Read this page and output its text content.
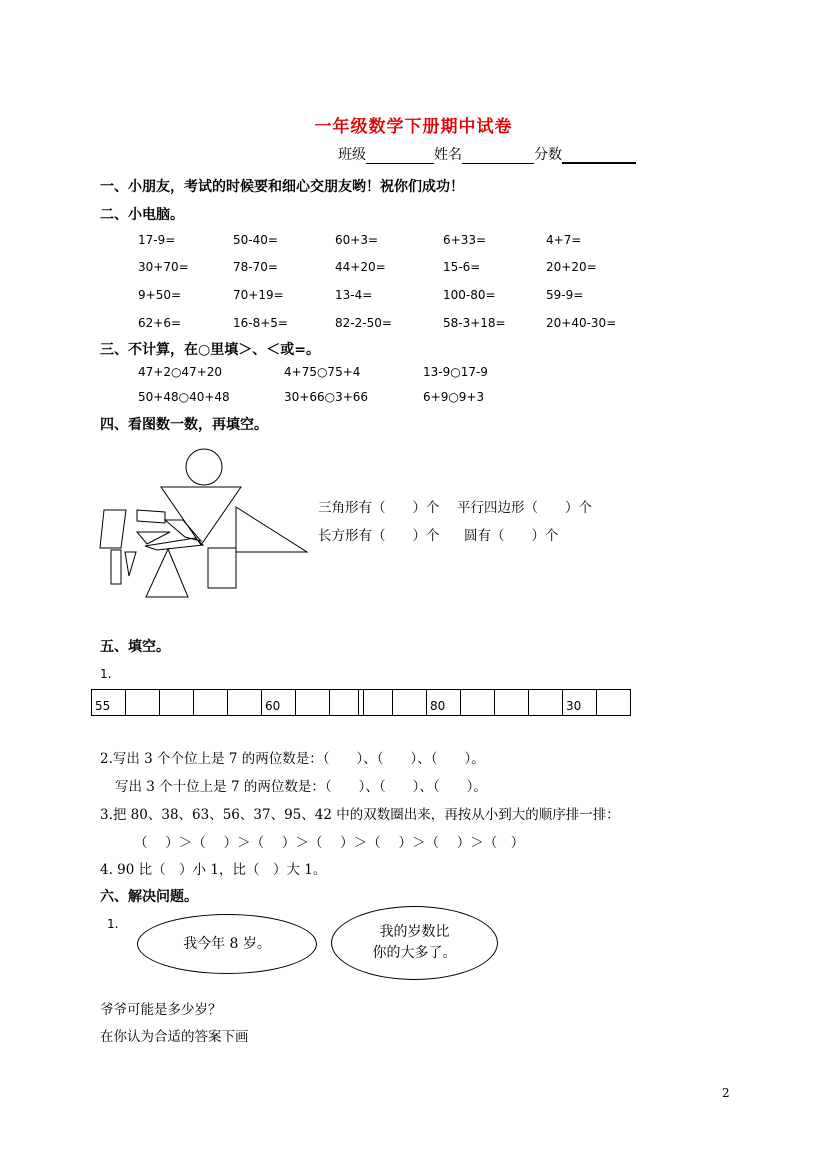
一年级数学下册期中试卷
班级	姓名	分数
一、小朋友，考试的时候要和细心交朋友哟！祝你们成功！
二、小电脑。
17-9=	50-40=	60+3=	6+33=	4+7=
30+70=	78-70=	44+20=	15-6=	20+20=
9+50=	70+19=	13-4=	100-80=	59-9=
62+6=	16-8+5=	82-2-50=	58-3+18=	20+40-30=
三、不计算，在○里填＞、＜或=。
47+2○47+20	4+75○75+4	13-9○17-9
50+48○40+48	30+66○3+66	6+9○9+3
四、看图数一数，再填空。
三角形有（　　）个 平行四边形（　　）个
长方形有（　　）个 圆有（　　）个
五、填空。
1.
55	60	80	30
2.写出 3 个个位上是 7 的两位数是：（　　）、（　　）、（　　）。
写出 3 个十位上是 7 的两位数是：（　　）、（　　）、（　　）。
3.把 80、38、63、56、37、95、42 中的双数圈出来，再按从小到大的顺序排一排：
（　 ）＞（　 ）＞（　 ）＞（　 ）＞（　 ）＞（　 ）＞（　）
4. 90 比（　）小 1，比（　）大 1。
六、解决问题。
1.
我今年 8 岁。
我的岁数比
你的大多了。
爷爷可能是多少岁？
在你认为合适的答案下画
2
